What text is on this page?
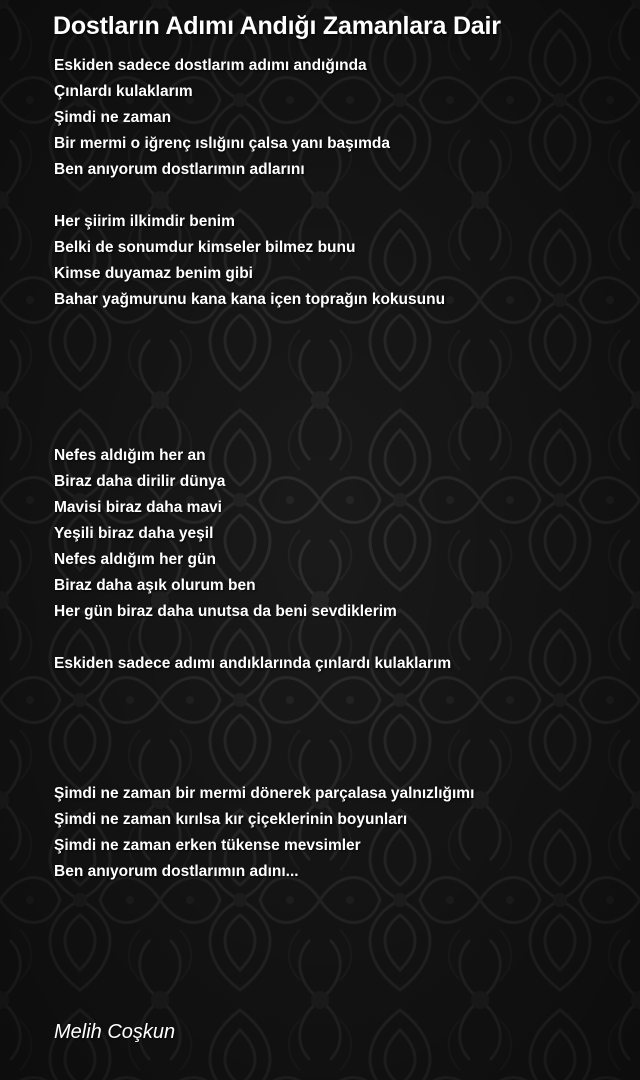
Dostların Adımı Andığı Zamanlara Dair
Eskiden sadece dostlarım adımı andığında
Çınlardı kulaklarım
Şimdi ne zaman
Bir mermi o iğrenç ıslığını çalsa yanı başımda
Ben anıyorum dostlarımın adlarını

Her şiirim ilkimdir benim
Belki de sonumdur kimseler bilmez bunu
Kimse duyamaz benim gibi
Bahar yağmurunu kana kana içen toprağın kokusunu

Nefes aldığım her an
Biraz daha dirilir dünya
Mavisi biraz daha mavi
Yeşili biraz daha yeşil
Nefes aldığım her gün
Biraz daha aşık olurum ben
Her gün biraz daha unutsa da beni sevdiklerim

Eskiden sadece adımı andıklarında çınlardı kulaklarım

Şimdi ne zaman bir mermi dönerek parçalasa yalnızlığımı
Şimdi ne zaman kırılsa kır çiçeklerinin boyunları
Şimdi ne zaman erken tükense mevsimler
Ben anıyorum dostlarımın adını...
Melih Coşkun
